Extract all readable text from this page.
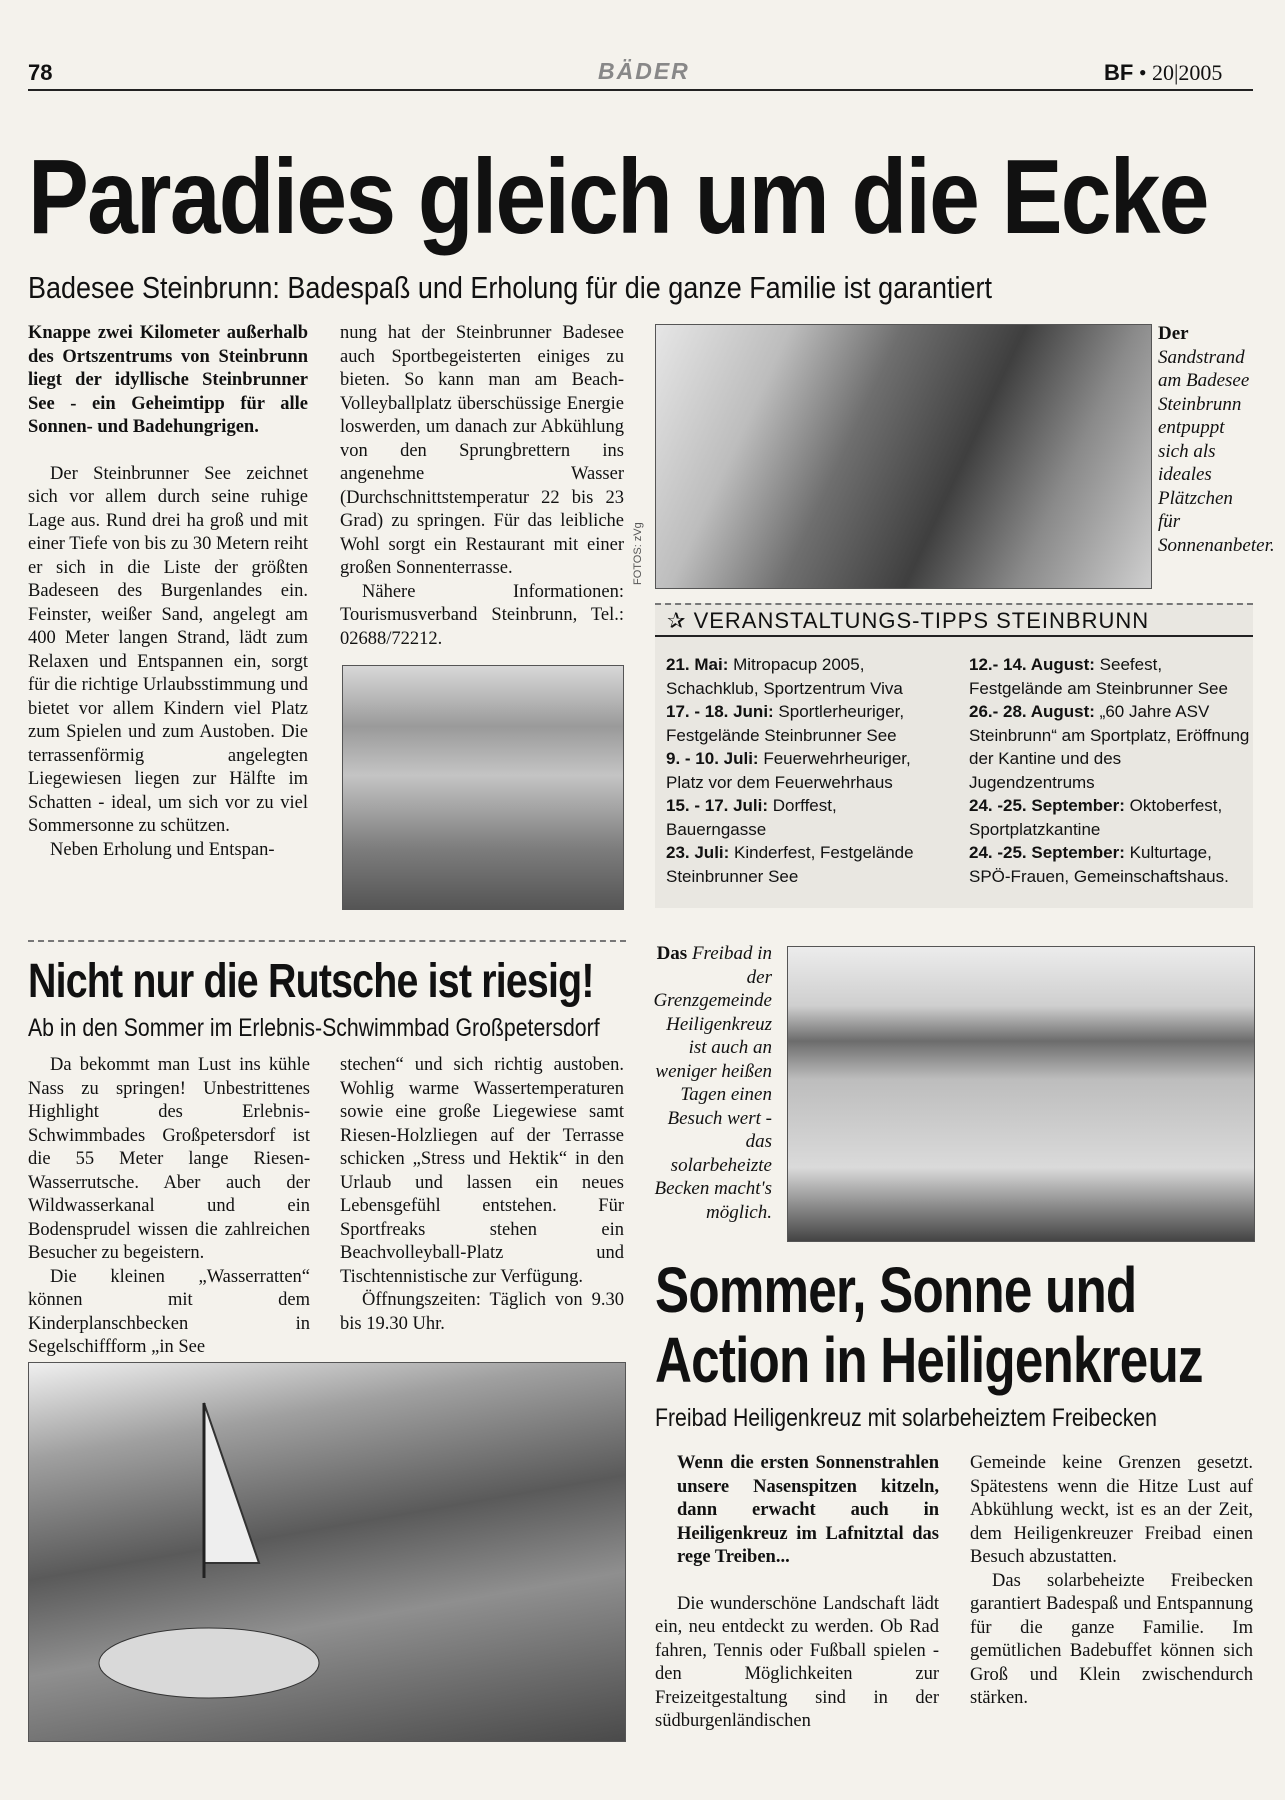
78	BÄDER	BF • 20|2005
Paradies gleich um die Ecke
Badesee Steinbrunn: Badespaß und Erholung für die ganze Familie ist garantiert

Knappe zwei Kilometer außerhalb des Ortszentrums von Steinbrunn liegt der idyllische Steinbrunner See - ein Geheimtipp für alle Sonnen- und Badehungrigen.

Der Steinbrunner See zeichnet sich vor allem durch seine ruhige Lage aus. Rund drei ha groß und mit einer Tiefe von bis zu 30 Metern reiht er sich in die Liste der größten Badeseen des Burgenlandes ein. Feinster, weißer Sand, angelegt am 400 Meter langen Strand, lädt zum Relaxen und Entspannen ein, sorgt für die richtige Urlaubsstimmung und bietet vor allem Kindern viel Platz zum Spielen und zum Austoben. Die terrassenförmig angelegten Liegewiesen liegen zur Hälfte im Schatten - ideal, um sich vor zu viel Sommersonne zu schützen.

Neben Erholung und Entspan-

nung hat der Steinbrunner Badesee auch Sportbegeisterten einiges zu bieten. So kann man am Beach-Volleyballplatz überschüssige Energie loswerden, um danach zur Abkühlung von den Sprungbrettern ins angenehme Wasser (Durchschnittstemperatur 22 bis 23 Grad) zu springen. Für das leibliche Wohl sorgt ein Restaurant mit einer großen Sonnenterrasse.

Nähere Informationen: Tourismusverband Steinbrunn, Tel.: 02688/72212.

FOTOS: zVg
Der Sandstrand am Badesee Steinbrunn entpuppt sich als ideales Plätzchen für Sonnenanbeter.
✰ VERANSTALTUNGS-TIPPS STEINBRUNN
21. Mai: Mitropacup 2005, Schachklub, Sportzentrum Viva
17. - 18. Juni: Sportlerheuriger, Festgelände Steinbrunner See
9. - 10. Juli: Feuerwehrheuriger, Platz vor dem Feuerwehrhaus
15. - 17. Juli: Dorffest, Bauerngasse
23. Juli: Kinderfest, Festgelände Steinbrunner See
12.- 14. August: Seefest, Festgelände am Steinbrunner See
26.- 28. August: „60 Jahre ASV Steinbrunn“ am Sportplatz, Eröffnung der Kantine und des Jugendzentrums
24. -25. September: Oktoberfest, Sportplatzkantine
24. -25. September: Kulturtage, SPÖ-Frauen, Gemeinschaftshaus.
Nicht nur die Rutsche ist riesig!
Ab in den Sommer im Erlebnis-Schwimmbad Großpetersdorf

Da bekommt man Lust ins kühle Nass zu springen! Unbestrittenes Highlight des Erlebnis-Schwimmbades Großpetersdorf ist die 55 Meter lange Riesen-Wasserrutsche. Aber auch der Wildwasserkanal und ein Bodensprudel wissen die zahlreichen Besucher zu begeistern.

Die kleinen „Wasserratten“ können mit dem Kinderplanschbecken in Segelschiffform „in See

stechen“ und sich richtig austoben. Wohlig warme Wassertemperaturen sowie eine große Liegewiese samt Riesen-Holzliegen auf der Terrasse schicken „Stress und Hektik“ in den Urlaub und lassen ein neues Lebensgefühl entstehen. Für Sportfreaks stehen ein Beachvolleyball-Platz und Tischtennistische zur Verfügung.

Öffnungszeiten: Täglich von 9.30 bis 19.30 Uhr.

Das Freibad in der Grenzgemeinde Heiligenkreuz ist auch an weniger heißen Tagen einen Besuch wert - das solarbeheizte Becken macht's möglich.
Sommer, Sonne und
Action in Heiligenkreuz
Freibad Heiligenkreuz mit solarbeheiztem Freibecken

Wenn die ersten Sonnenstrahlen unsere Nasenspitzen kitzeln, dann erwacht auch in Heiligenkreuz im Lafnitztal das rege Treiben...

Die wunderschöne Landschaft lädt ein, neu entdeckt zu werden. Ob Rad fahren, Tennis oder Fußball spielen - den Möglichkeiten zur Freizeitgestaltung sind in der südburgenländischen

Gemeinde keine Grenzen gesetzt. Spätestens wenn die Hitze Lust auf Abkühlung weckt, ist es an der Zeit, dem Heiligenkreuzer Freibad einen Besuch abzustatten.

Das solarbeheizte Freibecken garantiert Badespaß und Entspannung für die ganze Familie. Im gemütlichen Badebuffet können sich Groß und Klein zwischendurch stärken.
